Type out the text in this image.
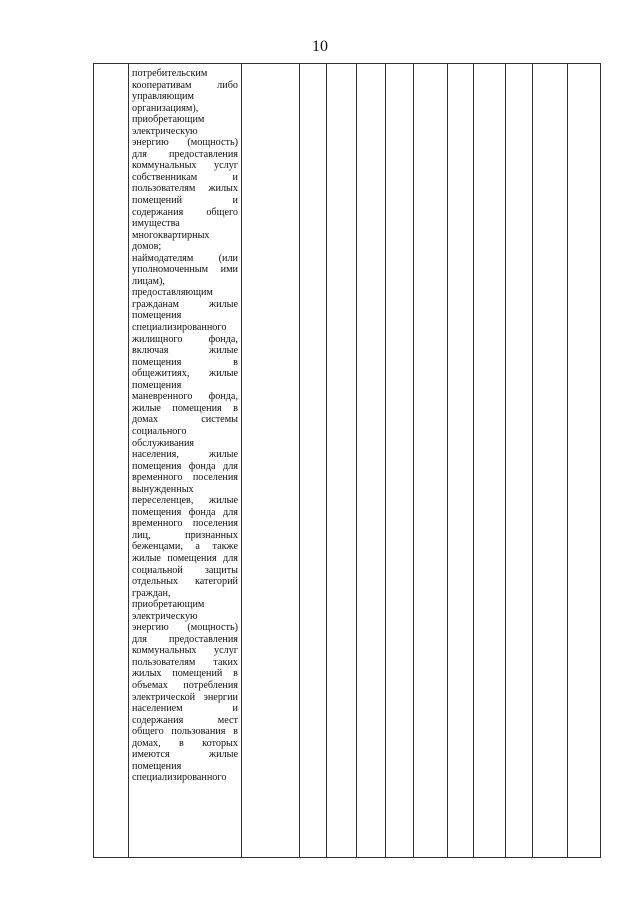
10

потребительским
кооперативам либо
управляющим
организациям),
приобретающим
электрическую
энергию (мощность)
для предоставления
коммунальных услуг
собственникам и
пользователям жилых
помещений и
содержания общего
имущества
многоквартирных
домов;
наймодателям (или
уполномоченным ими
лицам),
предоставляющим
гражданам жилые
помещения
специализированного
жилищного фонда,
включая жилые
помещения в
общежитиях, жилые
помещения
маневренного фонда,
жилые помещения в
домах системы
социального
обслуживания
населения, жилые
помещения фонда для
временного поселения
вынужденных
переселенцев, жилые
помещения фонда для
временного поселения
лиц, признанных
беженцами, а также
жилые помещения для
социальной защиты
отдельных категорий
граждан,
приобретающим
электрическую
энергию (мощность)
для предоставления
коммунальных услуг
пользователям таких
жилых помещений в
объемах потребления
электрической энергии
населением и
содержания мест
общего пользования в
домах, в которых
имеются жилые
помещения
специализированного
